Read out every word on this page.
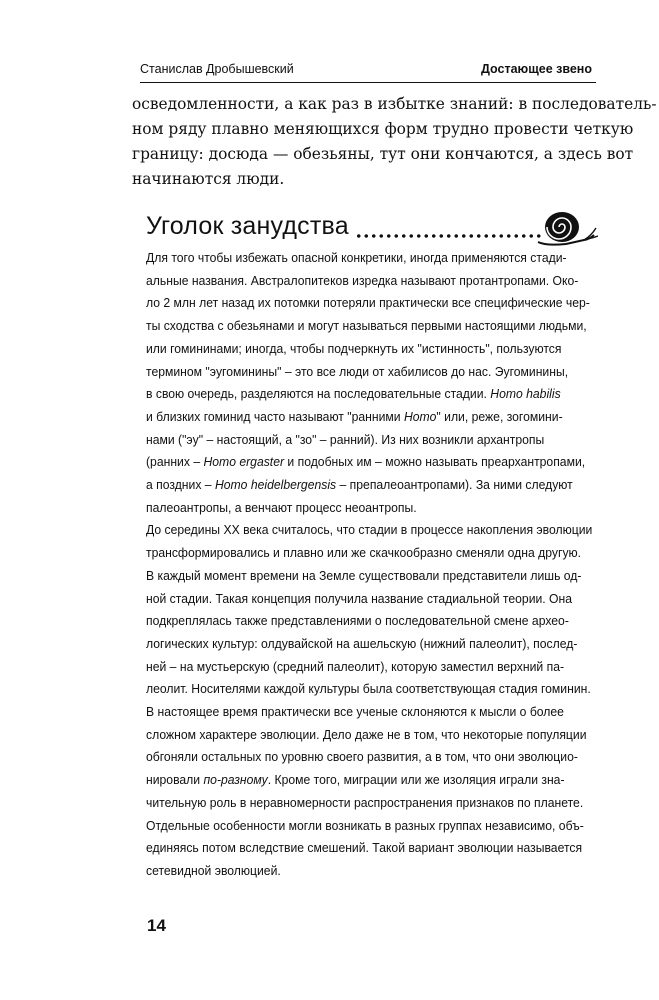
Станислав Дробышевский	Достающее звено
осведомленности, а как раз в избытке знаний: в последователь-
ном ряду плавно меняющихся форм трудно провести четкую
границу: досюда — обезьяны, тут они кончаются, а здесь вот
начинаются люди.
Уголок занудства
Для того чтобы избежать опасной конкретики, иногда применяются стади-
альные названия. Австралопитеков изредка называют протантропами. Око-
ло 2 млн лет назад их потомки потеряли практически все специфические чер-
ты сходства с обезьянами и могут называться первыми настоящими людьми,
или гомининами; иногда, чтобы подчеркнуть их "истинность", пользуются
термином "эугоминины" – это все люди от хабилисов до нас. Эугоминины,
в свою очередь, разделяются на последовательные стадии. Homo habilis
и близких гоминид часто называют "ранними Homo" или, реже, зогомини-
нами ("эу" – настоящий, а "зо" – ранний). Из них возникли архантропы
(ранних – Homo ergaster и подобных им – можно называть преархантропами,
а поздних – Homo heidelbergensis – препалеоантропами). За ними следуют
палеоантропы, а венчают процесс неоантропы.
До середины XX века считалось, что стадии в процессе накопления эволюции
трансформировались и плавно или же скачкообразно сменяли одна другую.
В каждый момент времени на Земле существовали представители лишь од-
ной стадии. Такая концепция получила название стадиальной теории. Она
подкреплялась также представлениями о последовательной смене архео-
логических культур: олдувайской на ашельскую (нижний палеолит), послед-
ней – на мустьерскую (средний палеолит), которую заместил верхний па-
леолит. Носителями каждой культуры была соответствующая стадия гоминин.
В настоящее время практически все ученые склоняются к мысли о более
сложном характере эволюции. Дело даже не в том, что некоторые популяции
обгоняли остальных по уровню своего развития, а в том, что они эволюцио-
нировали по-разному. Кроме того, миграции или же изоляция играли зна-
чительную роль в неравномерности распространения признаков по планете.
Отдельные особенности могли возникать в разных группах независимо, объ-
единяясь потом вследствие смешений. Такой вариант эволюции называется
сетевидной эволюцией.
14
